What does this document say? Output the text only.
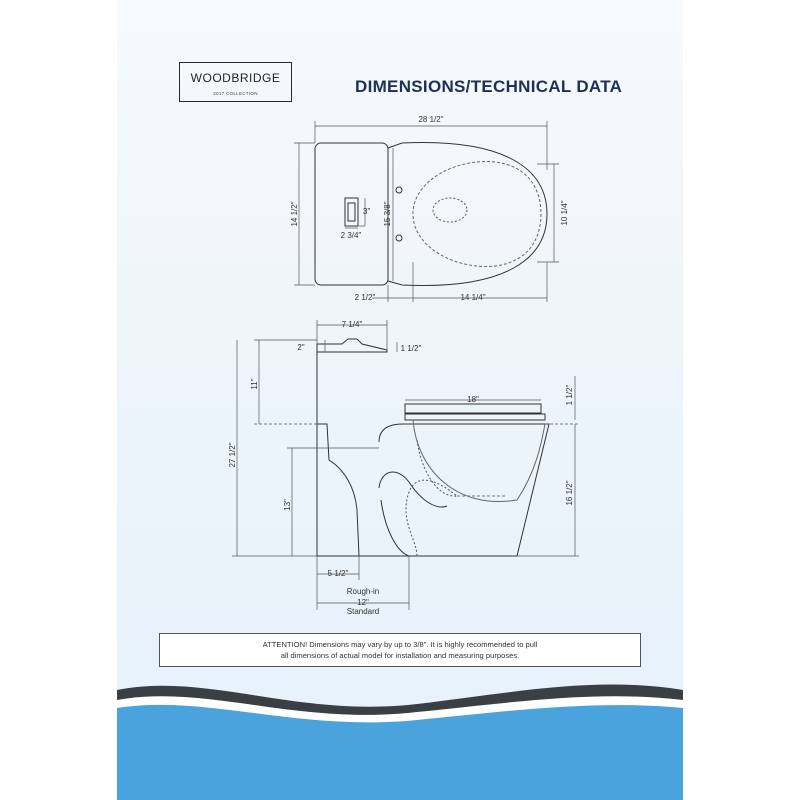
WOODBRIDGE
2017 COLLECTION	DIMENSIONS/TECHNICAL DATA
28 1/2"
14 1/2"	15 3/8"	10 1/4"
3"
2 3/4"
2 1/2"	14 1/4"
7 1/4"
2"	1 1/2"
11"
27 1/2"
18"	1 1/2"
16 1/2"
13"
5 1/2"
Rough-in
12"
Standard
ATTENTION! Dimensions may vary by up to 3/8". It is highly recommended to pull
all dimensions of actual model for installation and measuring purposes.
